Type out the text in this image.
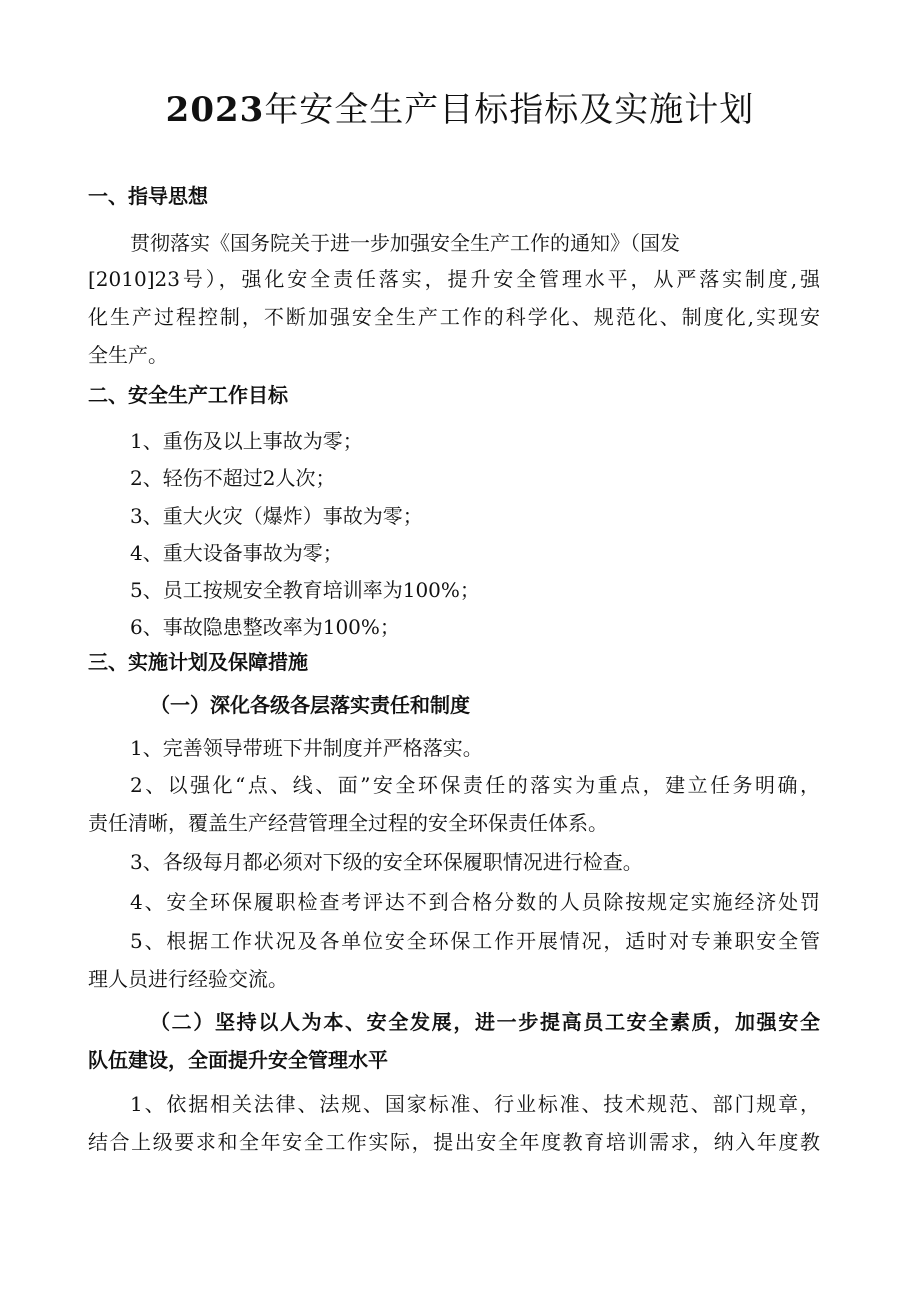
2023年安全生产目标指标及实施计划
一、指导思想
贯彻落实《国务院关于进一步加强安全生产工作的通知》（国发
[2010]23号），强化安全责任落实，提升安全管理水平，从严落实制度,强
化生产过程控制，不断加强安全生产工作的科学化、规范化、制度化,实现安
全生产。
二、安全生产工作目标
1、重伤及以上事故为零；
2、轻伤不超过2人次；
3、重大火灾（爆炸）事故为零；
4、重大设备事故为零；
5、员工按规安全教育培训率为100%；
6、事故隐患整改率为100%；
三、实施计划及保障措施
（一）深化各级各层落实责任和制度
1、完善领导带班下井制度并严格落实。
2、以强化“点、线、面”安全环保责任的落实为重点，建立任务明确，
责任清晰，覆盖生产经营管理全过程的安全环保责任体系。
3、各级每月都必须对下级的安全环保履职情况进行检查。
4、安全环保履职检查考评达不到合格分数的人员除按规定实施经济处罚
5、根据工作状况及各单位安全环保工作开展情况，适时对专兼职安全管
理人员进行经验交流。
（二）坚持以人为本、安全发展，进一步提高员工安全素质，加强安全
队伍建设，全面提升安全管理水平
1、依据相关法律、法规、国家标准、行业标准、技术规范、部门规章，
结合上级要求和全年安全工作实际，提出安全年度教育培训需求，纳入年度教
